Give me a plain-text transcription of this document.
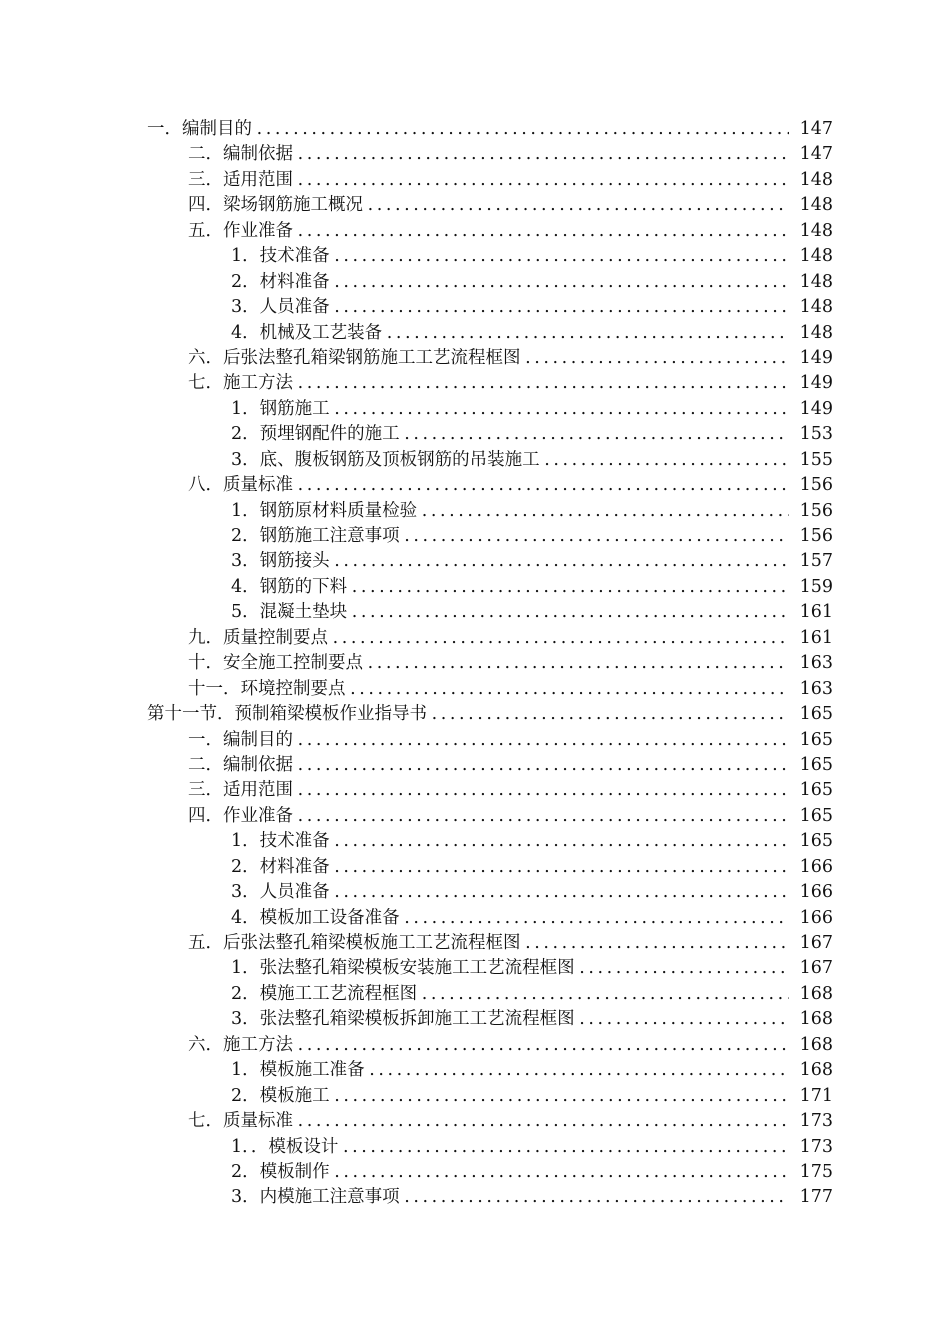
一．编制目的 . . .	147
二．编制依据 . . .	147
三．适用范围 . . .	148
四．梁场钢筋施工概况 . . .	148
五．作业准备 . . .	148
1．技术准备 . . .	148
2．材料准备 . . .	148
3．人员准备 . . .	148
4．机械及工艺装备 . . .	148
六．后张法整孔箱梁钢筋施工工艺流程框图 . . .	149
七．施工方法 . . .	149
1．钢筋施工 . . .	149
2．预埋钢配件的施工 . . .	153
3．底、腹板钢筋及顶板钢筋的吊装施工 . . .	155
八．质量标准 . . .	156
1．钢筋原材料质量检验 . . .	156
2．钢筋施工注意事项 . . .	156
3．钢筋接头 . . .	157
4．钢筋的下料 . . .	159
5．混凝土垫块 . . .	161
九．质量控制要点 . . .	161
十．安全施工控制要点 . . .	163
十一．环境控制要点 . . .	163
第十一节．预制箱梁模板作业指导书 . . .	165
一．编制目的 . . .	165
二．编制依据 . . .	165
三．适用范围 . . .	165
四．作业准备 . . .	165
1．技术准备 . . .	165
2．材料准备 . . .	166
3．人员准备 . . .	166
4．模板加工设备准备 . . .	166
五．后张法整孔箱梁模板施工工艺流程框图 . . .	167
1．张法整孔箱梁模板安装施工工艺流程框图 . . .	167
2．模施工工艺流程框图 . . .	168
3．张法整孔箱梁模板拆卸施工工艺流程框图 . . .	168
六．施工方法 . . .	168
1．模板施工准备 . . .	168
2．模板施工 . . .	171
七．质量标准 . . .	173
1．．模板设计 . . .	173
2．模板制作 . . .	175
3．内模施工注意事项 . . .	177
